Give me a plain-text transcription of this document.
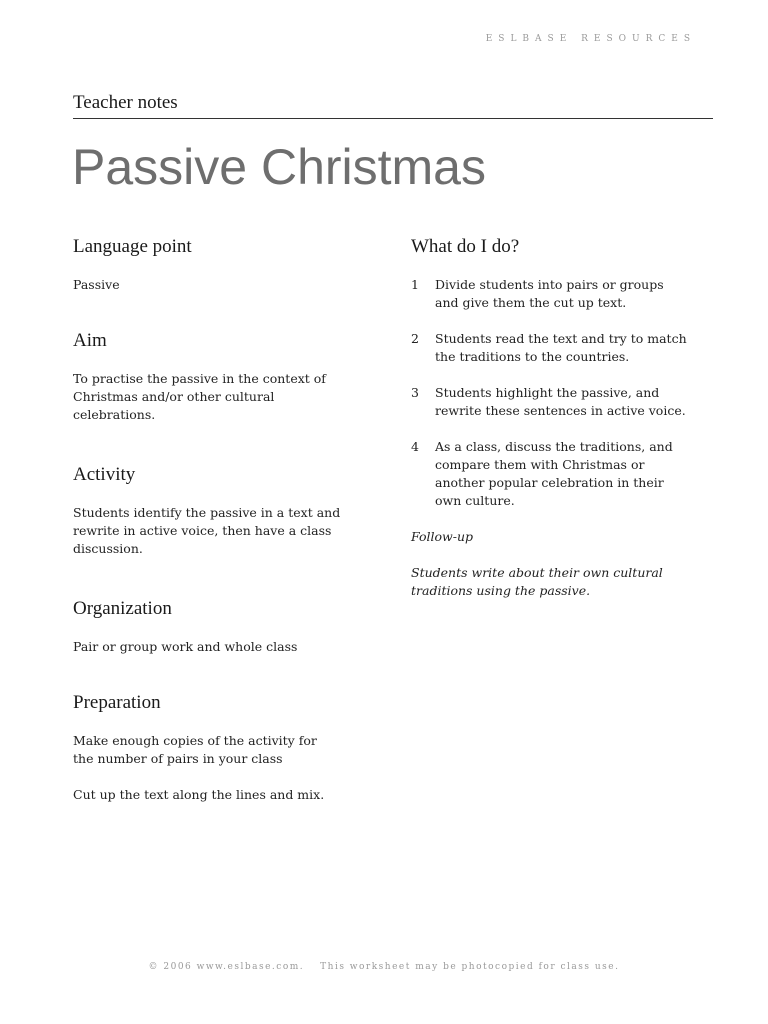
ESLBASE RESOURCES
Teacher notes
Passive Christmas
Language point

Passive

Aim

To practise the passive in the context of

Christmas and/or other cultural

celebrations.

Activity

Students identify the passive in a text and

rewrite in active voice, then have a class

discussion.

Organization

Pair or group work and whole class

Preparation

Make enough copies of the activity for

the number of pairs in your class

Cut up the text along the lines and mix.

What do I do?
1	Divide students into pairs or groups
and give them the cut up text.
2	Students read the text and try to match
the traditions to the countries.
3	Students highlight the passive, and
rewrite these sentences in active voice.
4	As a class, discuss the traditions, and
compare them with Christmas or
another popular celebration in their
own culture.

Follow-up

Students write about their own cultural

traditions using the passive.

© 2006 www.eslbase.com. This worksheet may be photocopied for class use.
